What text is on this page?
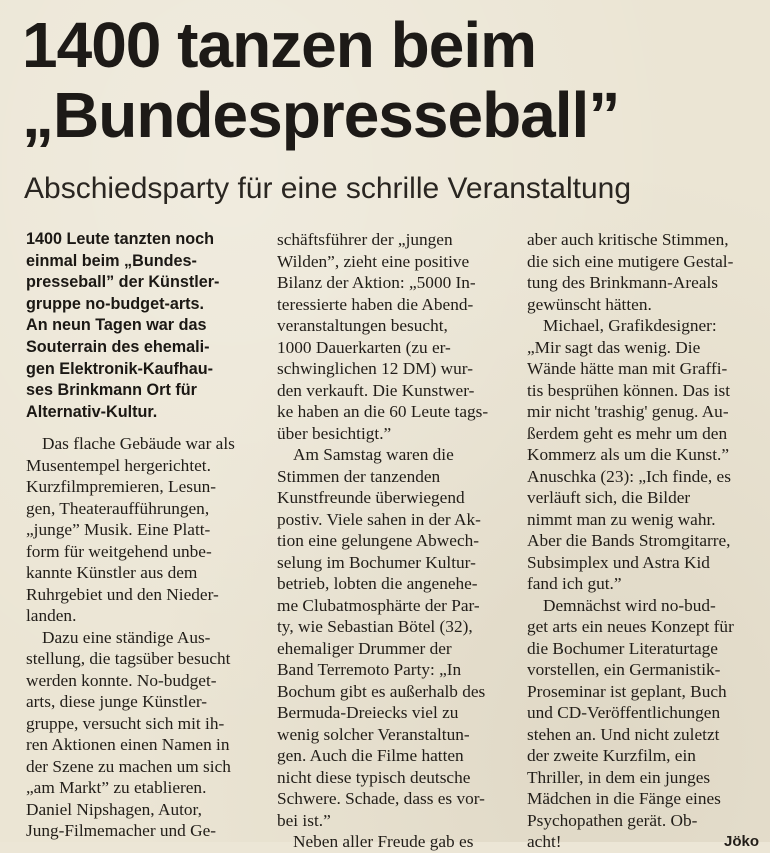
1400 tanzen beim
„Bundespresseball”
Abschiedsparty für eine schrille Veranstaltung
1400 Leute tanzten noch
einmal beim „Bundes-
presseball” der Künstler-
gruppe no-budget-arts.
An neun Tagen war das
Souterrain des ehemali-
gen Elektronik-Kaufhau-
ses Brinkmann Ort für
Alternativ-Kultur.
Das flache Gebäude war als
Musentempel hergerichtet.
Kurzfilmpremieren, Lesun-
gen, Theateraufführungen,
„junge” Musik. Eine Platt-
form für weitgehend unbe-
kannte Künstler aus dem
Ruhrgebiet und den Nieder-
landen.
Dazu eine ständige Aus-
stellung, die tagsüber besucht
werden konnte. No-budget-
arts, diese junge Künstler-
gruppe, versucht sich mit ih-
ren Aktionen einen Namen in
der Szene zu machen um sich
„am Markt” zu etablieren.
Daniel Nipshagen, Autor,
Jung-Filmemacher und Ge-
schäftsführer der „jungen
Wilden”, zieht eine positive
Bilanz der Aktion: „5000 In-
teressierte haben die Abend-
veranstaltungen besucht,
1000 Dauerkarten (zu er-
schwinglichen 12 DM) wur-
den verkauft. Die Kunstwer-
ke haben an die 60 Leute tags-
über besichtigt.”
Am Samstag waren die
Stimmen der tanzenden
Kunstfreunde überwiegend
postiv. Viele sahen in der Ak-
tion eine gelungene Abwech-
selung im Bochumer Kultur-
betrieb, lobten die angenehe-
me Clubatmosphärte der Par-
ty, wie Sebastian Bötel (32),
ehemaliger Drummer der
Band Terremoto Party: „In
Bochum gibt es außerhalb des
Bermuda-Dreiecks viel zu
wenig solcher Veranstaltun-
gen. Auch die Filme hatten
nicht diese typisch deutsche
Schwere. Schade, dass es vor-
bei ist.”
Neben aller Freude gab es
aber auch kritische Stimmen,
die sich eine mutigere Gestal-
tung des Brinkmann-Areals
gewünscht hätten.
Michael, Grafikdesigner:
„Mir sagt das wenig. Die
Wände hätte man mit Graffi-
tis besprühen können. Das ist
mir nicht 'trashig' genug. Au-
ßerdem geht es mehr um den
Kommerz als um die Kunst.”
Anuschka (23): „Ich finde, es
verläuft sich, die Bilder
nimmt man zu wenig wahr.
Aber die Bands Stromgitarre,
Subsimplex und Astra Kid
fand ich gut.”
Demnächst wird no-bud-
get arts ein neues Konzept für
die Bochumer Literaturtage
vorstellen, ein Germanistik-
Proseminar ist geplant, Buch
und CD-Veröffentlichungen
stehen an. Und nicht zuletzt
der zweite Kurzfilm, ein
Thriller, in dem ein junges
Mädchen in die Fänge eines
Psychopathen gerät. Ob-
acht!	Jöko
